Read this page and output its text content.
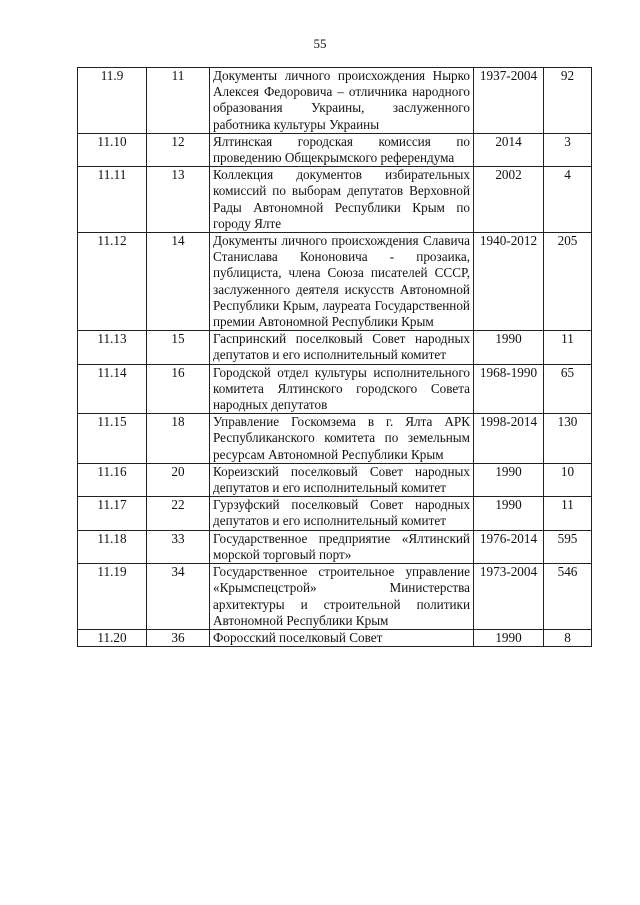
55
11.9	11	Документы личного происхождения Нырко Алексея Федоровича – отличника народного образования Украины, заслуженного работника культуры Украины	1937-2004	92
11.10	12	Ялтинская городская комиссия по проведению Общекрымского референдума	2014	3
11.11	13	Коллекция документов избирательных комиссий по выборам депутатов Верховной Рады Автономной Республики Крым по городу Ялте	2002	4
11.12	14	Документы личного происхождения Славича Станислава Кононовича - прозаика, публициста, члена Союза писателей СССР, заслуженного деятеля искусств Автономной Республики Крым, лауреата Государственной премии Автономной Республики Крым	1940-2012	205
11.13	15	Гаспринский поселковый Совет народных депутатов и его исполнительный комитет	1990	11
11.14	16	Городской отдел культуры исполнительного комитета Ялтинского городского Совета народных депутатов	1968-1990	65
11.15	18	Управление Госкомзема в г. Ялта АРК Республиканского комитета по земельным ресурсам Автономной Республики Крым	1998-2014	130
11.16	20	Кореизский поселковый Совет народных депутатов и его исполнительный комитет	1990	10
11.17	22	Гурзуфский поселковый Совет народных депутатов и его исполнительный комитет	1990	11
11.18	33	Государственное предприятие «Ялтинский морской торговый порт»	1976-2014	595
11.19	34	Государственное строительное управление «Крымспецстрой» Министерства архитектуры и строительной политики Автономной Республики Крым	1973-2004	546
11.20	36	Форосский поселковый Совет	1990	8
